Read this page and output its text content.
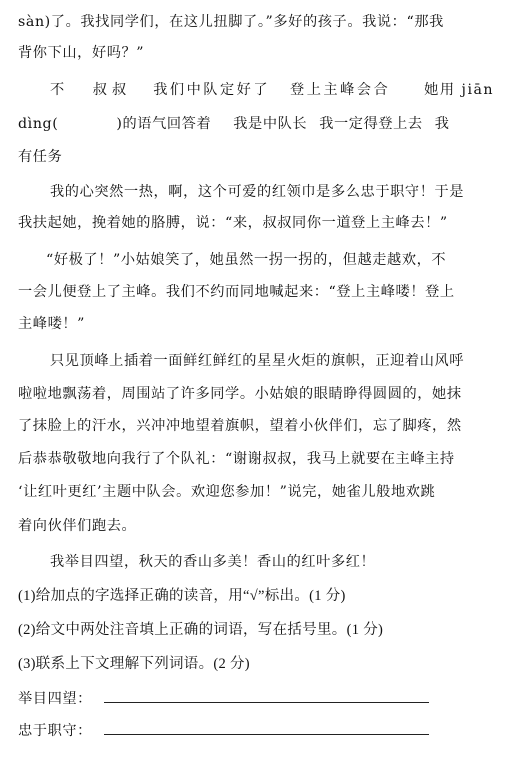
sàn)了。我找同学们，在这儿扭脚了。”多好的孩子。我说：“那我
背你下山，好吗？”
不 叔叔 我们中队定好了 登上主峰会合 她用 jiān
dìng(	)的语气回答着 我是中队长 我一定得登上去 我
有任务
我的心突然一热，啊，这个可爱的红领巾是多么忠于职守！于是
我扶起她，挽着她的胳膊，说：“来，叔叔同你一道登上主峰去！”
“好极了！”小姑娘笑了，她虽然一拐一拐的，但越走越欢，不
一会儿便登上了主峰。我们不约而同地喊起来：“登上主峰喽！登上
主峰喽！”
只见顶峰上插着一面鲜红鲜红的星星火炬的旗帜，正迎着山风呼
啦啦地飘荡着，周围站了许多同学。小姑娘的眼睛睁得圆圆的，她抹
了抹脸上的汗水，兴冲冲地望着旗帜，望着小伙伴们，忘了脚疼，然
后恭恭敬敬地向我行了个队礼：“谢谢叔叔，我马上就要在主峰主持
‘让红叶更红’主题中队会。欢迎您参加！”说完，她雀儿般地欢跳
着向伙伴们跑去。
我举目四望，秋天的香山多美！香山的红叶多红！
(1)给加点的字选择正确的读音，用“√”标出。(1 分)
(2)给文中两处注音填上正确的词语，写在括号里。(1 分)
(3)联系上下文理解下列词语。(2 分)
举目四望：
忠于职守：
